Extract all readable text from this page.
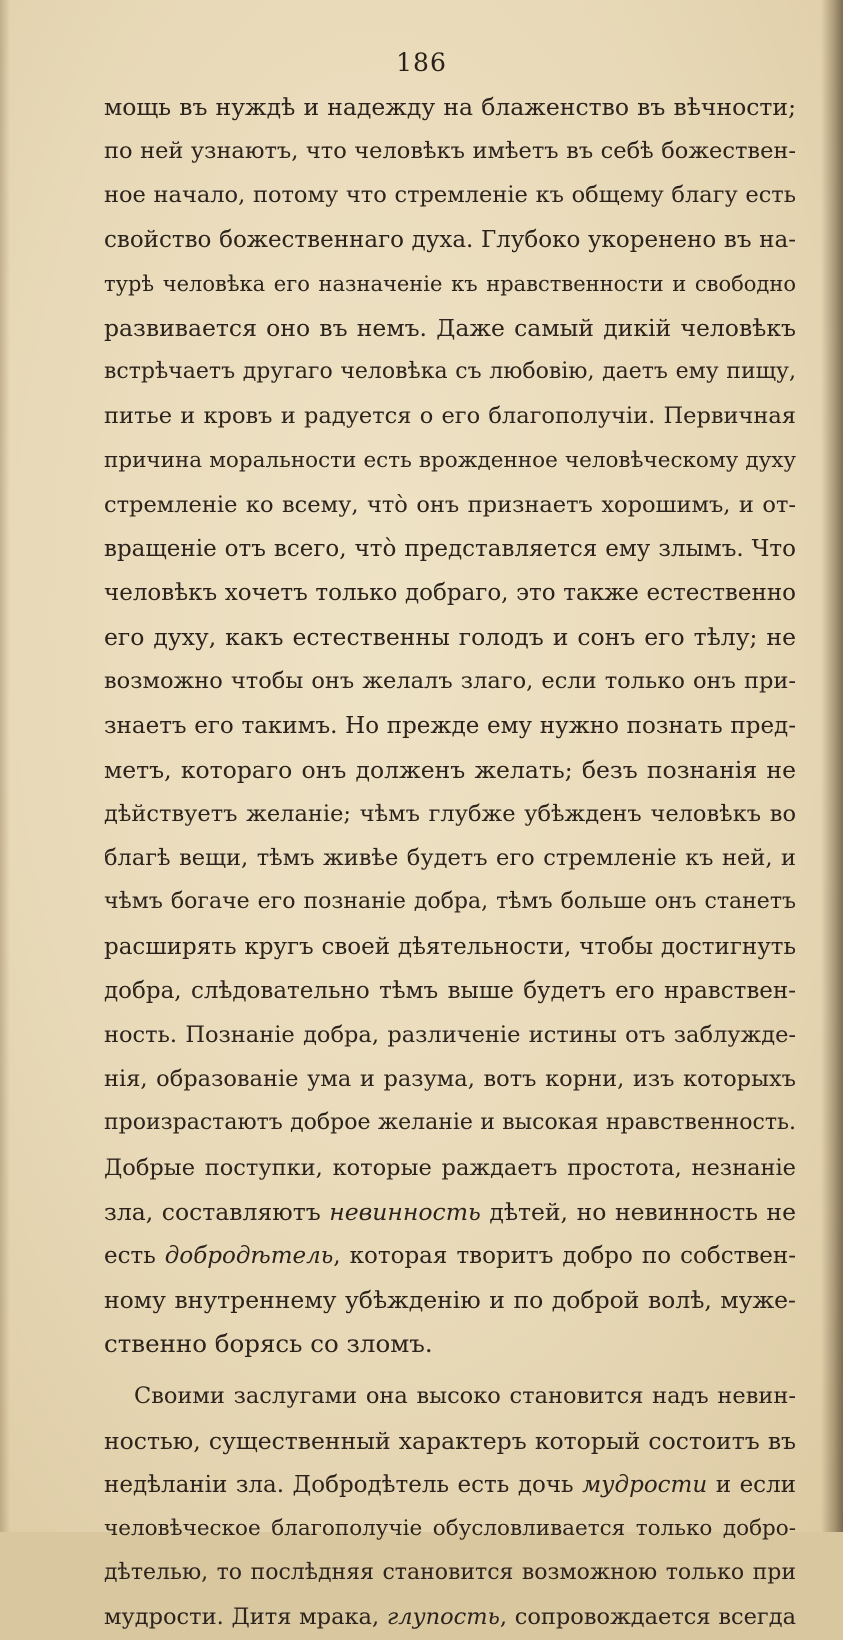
186
мощь въ нуждѣ и надежду на блаженство въ вѣчности;
по ней узнаютъ, что человѣкъ имѣетъ въ себѣ божествен-
ное начало, потому что стремленіе къ общему благу есть
свойство божественнаго духа. Глубоко укоренено въ на-
турѣ человѣка его назначеніе къ нравственности и свободно
развивается оно въ немъ. Даже самый дикій человѣкъ
встрѣчаетъ другаго человѣка съ любовію, даетъ ему пищу,
питье и кровъ и радуется о его благополучіи. Первичная
причина моральности есть врожденное человѣческому духу
стремленіе ко всему, чтò онъ признаетъ хорошимъ, и от-
вращеніе отъ всего, чтò представляется ему злымъ. Что
человѣкъ хочетъ только добраго, это также естественно
его духу, какъ естественны голодъ и сонъ его тѣлу; не
возможно чтобы онъ желалъ злаго, если только онъ при-
знаетъ его такимъ. Но прежде ему нужно познать пред-
метъ, котораго онъ долженъ желать; безъ познанія не
дѣйствуетъ желаніе; чѣмъ глубже убѣжденъ человѣкъ во
благѣ вещи, тѣмъ живѣе будетъ его стремленіе къ ней, и
чѣмъ богаче его познаніе добра, тѣмъ больше онъ станетъ
расширять кругъ своей дѣятельности, чтобы достигнуть
добра, слѣдовательно тѣмъ выше будетъ его нравствен-
ность. Познаніе добра, различеніе истины отъ заблужде-
нія, образованіе ума и разума, вотъ корни, изъ которыхъ
произрастаютъ доброе желаніе и высокая нравственность.
Добрые поступки, которые раждаетъ простота, незнаніе
зла, составляютъ невинность дѣтей, но невинность не
есть добродѣтель, которая творитъ добро по собствен-
ному внутреннему убѣжденію и по доброй волѣ, муже-
ственно борясь со зломъ.
Своими заслугами она высоко становится надъ невин-
ностью, существенный характеръ который состоитъ въ
недѣланіи зла. Добродѣтель есть дочь мудрости и если
человѣческое благополучіе обусловливается только добро-
дѣтелью, то послѣдняя становится возможною только при
мудрости. Дитя мрака, глупость, сопровождается всегда
